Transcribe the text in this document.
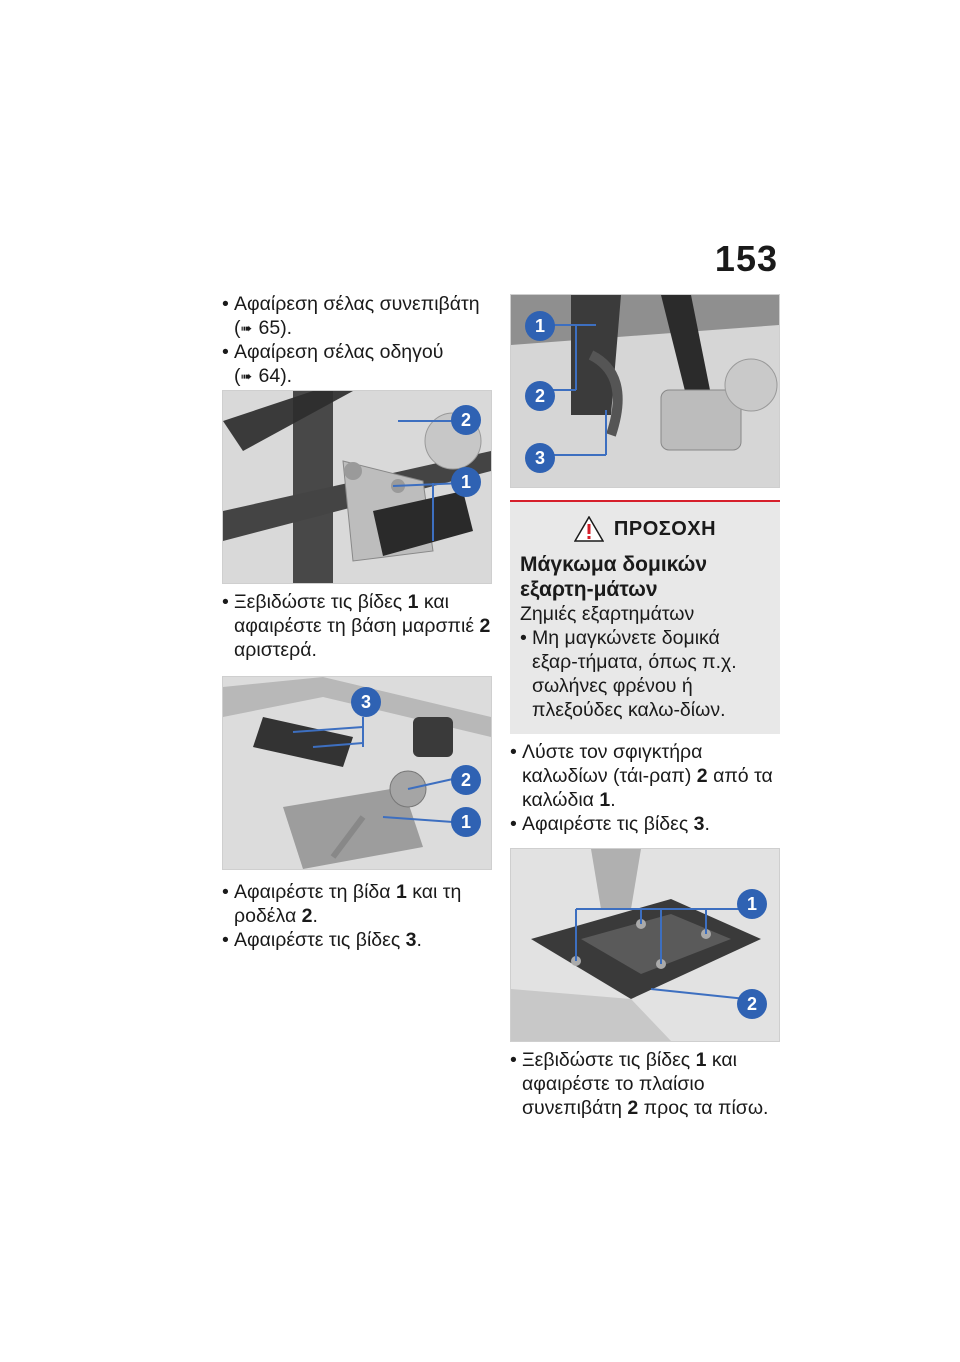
153

• Αφαίρεση σέλας συνεπιβάτη
(➠ 65).

• Αφαίρεση σέλας οδηγού
(➠ 64).

2
1

• Ξεβιδώστε τις βίδες 1 και αφαιρέστε τη βάση μαρσπιέ 2 αριστερά.

3
2
1

• Αφαιρέστε τη βίδα 1 και τη ροδέλα 2.

• Αφαιρέστε τις βίδες 3.

1
2
3
ΠΡΟΣΟΧΗ
Μάγκωμα δομικών εξαρτη-μάτων
Ζημιές εξαρτημάτων
• Μη μαγκώνετε δομικά εξαρ-τήματα, όπως π.χ. σωλήνες φρένου ή πλεξούδες καλω-δίων.

• Λύστε τον σφιγκτήρα καλωδίων (τάι-ραπ) 2 από τα καλώδια 1.

• Αφαιρέστε τις βίδες 3.

1
2

• Ξεβιδώστε τις βίδες 1 και αφαιρέστε το πλαίσιο συνεπιβάτη 2 προς τα πίσω.
